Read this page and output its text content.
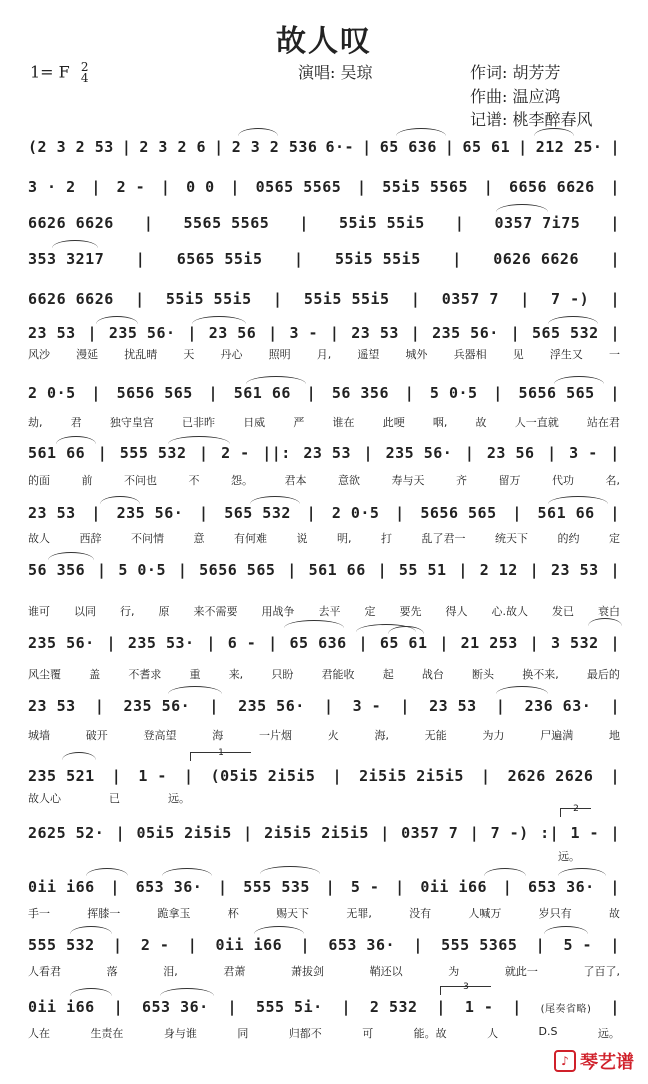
故人叹
1= F 2
4	演唱: 吴琼	作词: 胡芳芳
作曲: 温应鸿
记谱: 桃李醉春风
(2 3 2 53 | 2 3 2 6 | 2 3 2 536 6·- | 65 636 | 65 61 | 212 25· |
3 · 2 | 2 - | 0 0 | 0565 5565 | 55i5 5565 | 6656 6626 |
6626 6626 | 5565 5565 | 55i5 55i5 | 0357 7i75 |
353 3217 | 6565 55i5 | 55i5 55i5 | 0626 6626 |
6626 6626 | 55i5 55i5 | 55i5 55i5 | 0357 7 | 7 -) |
23 53 | 235 56· | 23 56 | 3 - | 23 53 | 235 56· | 565 532 |
2 0·5 | 5656 565 | 561 66 | 56 356 | 5 0·5 | 5656 565 |
561 66 | 555 532 | 2 - ||: 23 53 | 235 56· | 23 56 | 3 - |
23 53 | 235 56· | 565 532 | 2 0·5 | 5656 565 | 561 66 |
56 356 | 5 0·5 | 5656 565 | 561 66 | 55 51 | 2 12 | 23 53 |
235 56· | 235 53· | 6 - | 65 636 | 65 61 | 21 253 | 3 532 |
23 53 | 235 56· | 235 56· | 3 - | 23 53 | 236 63· |
235 521 | 1 - | (05i5 2i5i5 | 2i5i5 2i5i5 | 2626 2626 |
2625 52· | 05i5 2i5i5 | 2i5i5 2i5i5 | 0357 7 | 7 -) :| 1 - |
0ii i66 | 653 36· | 555 535 | 5 - | 0ii i66 | 653 36· |
555 532 | 2 - | 0ii i66 | 653 36· | 555 5365 | 5 - |
0ii i66 | 653 36· | 555 5i· | 2 532 | 1 - | (尾奏省略) |
风沙 漫延 扰乱晴 天 丹心 照明 月, 遥望 城外 兵器相 见 浮生又 一
劫,	君	独守皇宫	已非昨	日威	严	谁在	此哽	咽,	故	人一直就	站在君
的面	前	不问也	不	怨。	君本	意欲	寿与天	齐	留万	代功	名,
故人	西辞	不问情	意	有何难	说	明,	打	乱了君一	统天下	的约	定
谁可 以同 行, 原 来不需要 用战争 去平 定 要先 得人 心.故人 发已 衰白
风尘覆	盖	不耆求	重	来,	只盼	君能收	起	战台	断头	换不来,	最后的
城墙	破开	登高望	海	一片烟	火	海,	无能	为力	尸遍满	地
故人心	已	远。
远。
手一	挥膝一	跪拿玉	杯	赐天下	无罪,	没有	人喊万	岁只有	故
人看君	落	泪,	君萧	萧拔剑	鞘还以	为	就此一	了百了,
人在	生责在	身与谁	同	归都不	可	能。故	人	D.S	远。
1
2
3
♪ 琴艺谱
